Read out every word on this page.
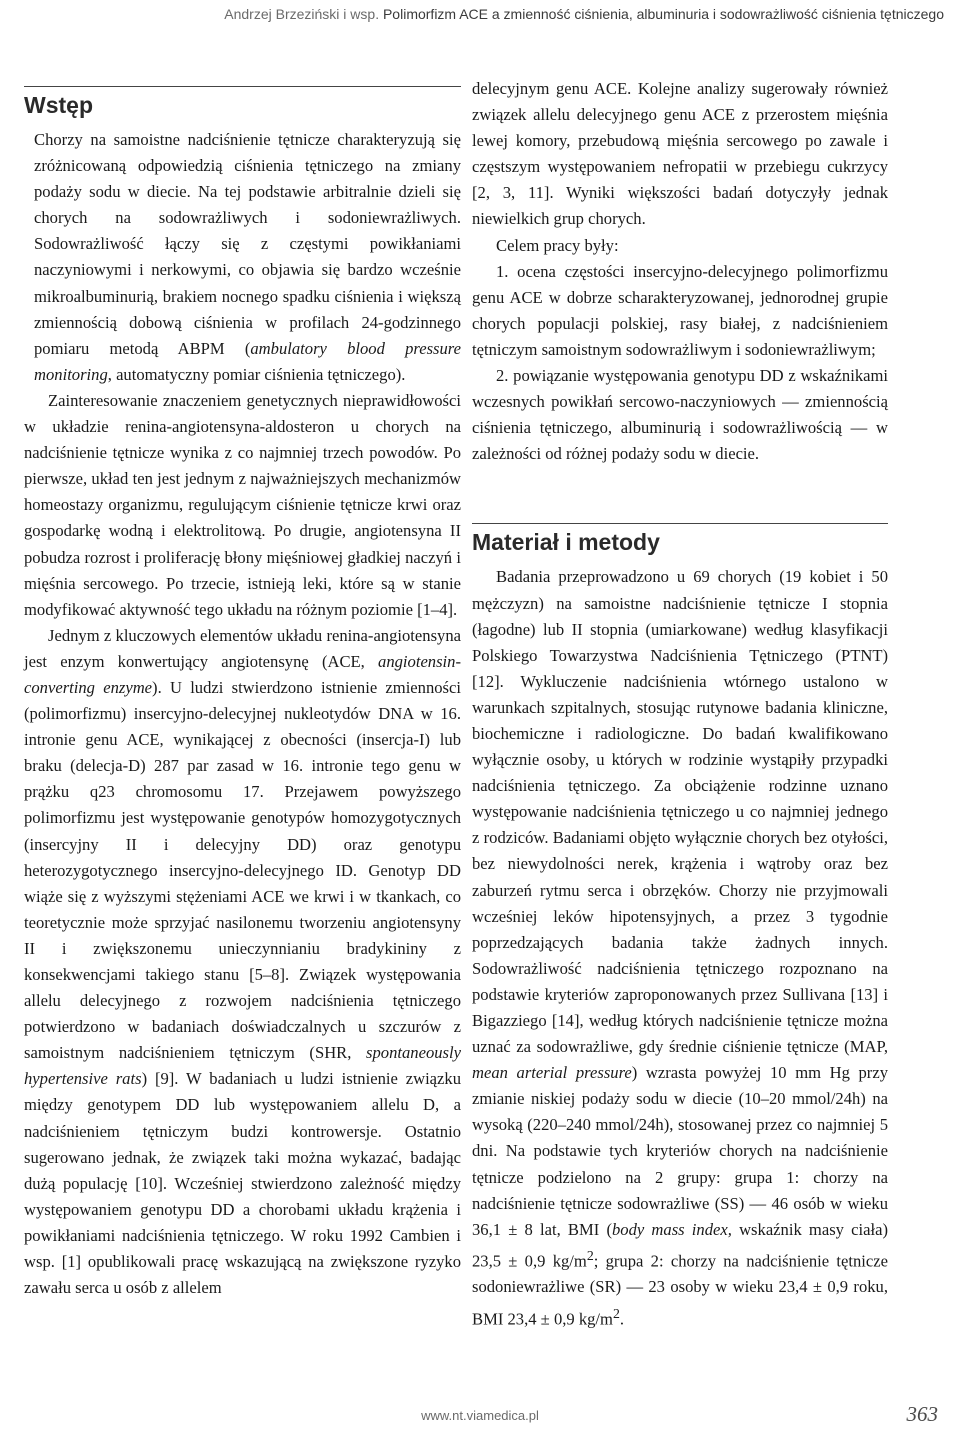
Andrzej Brzeziński i wsp. Polimorfizm ACE a zmienność ciśnienia, albuminuria i sodowrażliwość ciśnienia tętniczego
Wstęp

Chorzy na samoistne nadciśnienie tętnicze charakteryzują się zróżnicowaną odpowiedzią ciśnienia tętniczego na zmiany podaży sodu w diecie. Na tej podstawie arbitralnie dzieli się chorych na sodowrażliwych i sodoniewrażliwych. Sodowrażliwość łączy się z częstymi powikłaniami naczyniowymi i nerkowymi, co objawia się bardzo wcześnie mikroalbuminurią, brakiem nocnego spadku ciśnienia i większą zmiennością dobową ciśnienia w profilach 24-godzinnego pomiaru metodą ABPM (ambulatory blood pressure monitoring, automatyczny pomiar ciśnienia tętniczego).

Zainteresowanie znaczeniem genetycznych nieprawidłowości w układzie renina-angiotensyna-aldosteron u chorych na nadciśnienie tętnicze wynika z co najmniej trzech powodów. Po pierwsze, układ ten jest jednym z najważniejszych mechanizmów homeostazy organizmu, regulującym ciśnienie tętnicze krwi oraz gospodarkę wodną i elektrolitową. Po drugie, angiotensyna II pobudza rozrost i proliferację błony mięśniowej gładkiej naczyń i mięśnia sercowego. Po trzecie, istnieją leki, które są w stanie modyfikować aktywność tego układu na różnym poziomie [1–4].

Jednym z kluczowych elementów układu renina-angiotensyna jest enzym konwertujący angiotensynę (ACE, angiotensin-converting enzyme). U ludzi stwierdzono istnienie zmienności (polimorfizmu) insercyjno-delecyjnej nukleotydów DNA w 16. intronie genu ACE, wynikającej z obecności (insercja-I) lub braku (delecja-D) 287 par zasad w 16. intronie tego genu w prążku q23 chromosomu 17. Przejawem powyższego polimorfizmu jest występowanie genotypów homozygotycznych (insercyjny II i delecyjny DD) oraz genotypu heterozygotycznego insercyjno-delecyjnego ID. Genotyp DD wiąże się z wyższymi stężeniami ACE we krwi i w tkankach, co teoretycznie może sprzyjać nasilonemu tworzeniu angiotensyny II i zwiększonemu unieczynnianiu bradykininy z konsekwencjami takiego stanu [5–8]. Związek występowania allelu delecyjnego z rozwojem nadciśnienia tętniczego potwierdzono w badaniach doświadczalnych u szczurów z samoistnym nadciśnieniem tętniczym (SHR, spontaneously hypertensive rats) [9]. W badaniach u ludzi istnienie związku między genotypem DD lub występowaniem allelu D, a nadciśnieniem tętniczym budzi kontrowersje. Ostatnio sugerowano jednak, że związek taki można wykazać, badając dużą populację [10]. Wcześniej stwierdzono zależność między występowaniem genotypu DD a chorobami układu krążenia i powikłaniami nadciśnienia tętniczego. W roku 1992 Cambien i wsp. [1] opublikowali pracę wskazującą na zwiększone ryzyko zawału serca u osób z allelem

delecyjnym genu ACE. Kolejne analizy sugerowały również związek allelu delecyjnego genu ACE z przerostem mięśnia lewej komory, przebudową mięśnia sercowego po zawale i częstszym występowaniem nefropatii w przebiegu cukrzycy [2, 3, 11]. Wyniki większości badań dotyczyły jednak niewielkich grup chorych.

Celem pracy były:

1. ocena częstości insercyjno-delecyjnego polimorfizmu genu ACE w dobrze scharakteryzowanej, jednorodnej grupie chorych populacji polskiej, rasy białej, z nadciśnieniem tętniczym samoistnym sodowrażliwym i sodoniewrażliwym;

2. powiązanie występowania genotypu DD z wskaźnikami wczesnych powikłań sercowo-naczyniowych — zmiennością ciśnienia tętniczego, albuminurią i sodowrażliwością — w zależności od różnej podaży sodu w diecie.

Materiał i metody

Badania przeprowadzono u 69 chorych (19 kobiet i 50 mężczyzn) na samoistne nadciśnienie tętnicze I stopnia (łagodne) lub II stopnia (umiarkowane) według klasyfikacji Polskiego Towarzystwa Nadciśnienia Tętniczego (PTNT) [12]. Wykluczenie nadciśnienia wtórnego ustalono w warunkach szpitalnych, stosując rutynowe badania kliniczne, biochemiczne i radiologiczne. Do badań kwalifikowano wyłącznie osoby, u których w rodzinie wystąpiły przypadki nadciśnienia tętniczego. Za obciążenie rodzinne uznano występowanie nadciśnienia tętniczego u co najmniej jednego z rodziców. Badaniami objęto wyłącznie chorych bez otyłości, bez niewydolności nerek, krążenia i wątroby oraz bez zaburzeń rytmu serca i obrzęków. Chorzy nie przyjmowali wcześniej leków hipotensyjnych, a przez 3 tygodnie poprzedzających badania także żadnych innych. Sodowrażliwość nadciśnienia tętniczego rozpoznano na podstawie kryteriów zaproponowanych przez Sullivana [13] i Bigazziego [14], według których nadciśnienie tętnicze można uznać za sodowrażliwe, gdy średnie ciśnienie tętnicze (MAP, mean arterial pressure) wzrasta powyżej 10 mm Hg przy zmianie niskiej podaży sodu w diecie (10–20 mmol/24h) na wysoką (220–240 mmol/24h), stosowanej przez co najmniej 5 dni. Na podstawie tych kryteriów chorych na nadciśnienie tętnicze podzielono na 2 grupy: grupa 1: chorzy na nadciśnienie tętnicze sodowrażliwe (SS) — 46 osób w wieku 36,1 ± 8 lat, BMI (body mass index, wskaźnik masy ciała) 23,5 ± 0,9 $kg/m^2$; grupa 2: chorzy na nadciśnienie tętnicze sodoniewrażliwe (SR) — 23 osoby w wieku 23,4 ± 0,9 roku, BMI 23,4 ± 0,9 $kg/m^2$.

www.nt.viamedica.pl	363
